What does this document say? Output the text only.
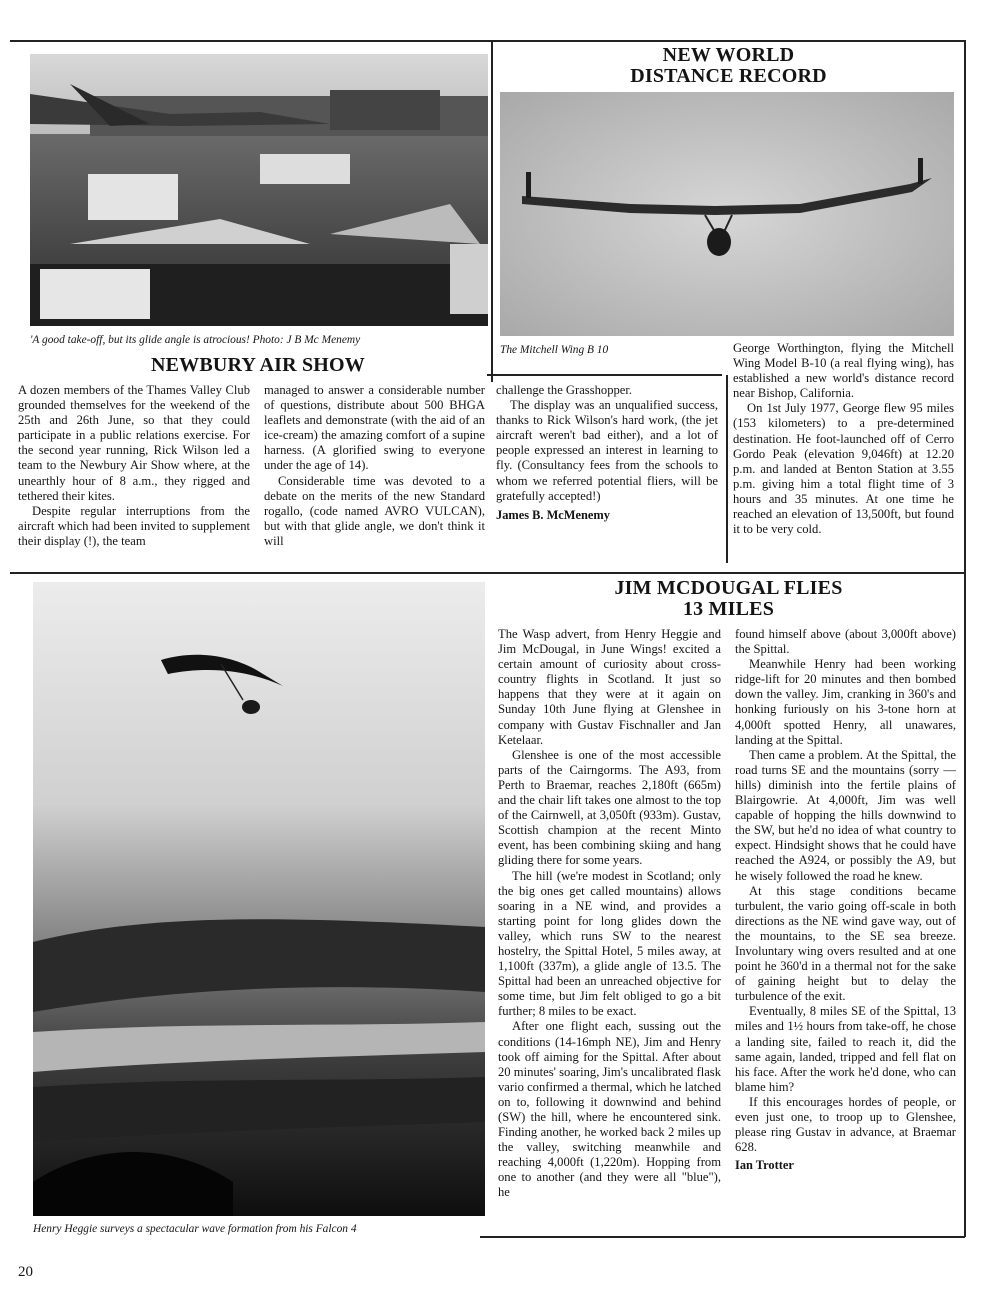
'A good take-off, but its glide angle is atrocious! Photo: J B Mc Menemy
NEWBURY AIR SHOW

A dozen members of the Thames Valley Club grounded themselves for the weekend of the 25th and 26th June, so that they could participate in a public relations exercise. For the second year running, Rick Wilson led a team to the Newbury Air Show where, at the unearthly hour of 8 a.m., they rigged and tethered their kites.

Despite regular interruptions from the aircraft which had been invited to supplement their display (!), the team

managed to answer a considerable number of questions, distribute about 500 BHGA leaflets and demonstrate (with the aid of an ice-cream) the amazing comfort of a supine harness. (A glorified swing to everyone under the age of 14).

Considerable time was devoted to a debate on the merits of the new Standard rogallo, (code named AVRO VULCAN), but with that glide angle, we don't think it will

challenge the Grasshopper.

The display was an unqualified success, thanks to Rick Wilson's hard work, (the jet aircraft weren't bad either), and a lot of people expressed an interest in learning to fly. (Consultancy fees from the schools to whom we referred potential fliers, will be gratefully accepted!)

James B. McMenemy

NEW WORLD
DISTANCE RECORD
The Mitchell Wing B 10	George Worthington, flying the Mitchell Wing Model B-10 (a real flying wing), has established a new world's distance record near Bishop, California.

On 1st July 1977, George flew 95 miles (153 kilometers) to a pre-determined destination. He foot-launched off of Cerro Gordo Peak (elevation 9,046ft) at 12.20 p.m. and landed at Benton Station at 3.55 p.m. giving him a total flight time of 3 hours and 35 minutes. At one time he reached an elevation of 13,500ft, but found it to be very cold.

Henry Heggie surveys a spectacular wave formation from his Falcon 4
JIM MCDOUGAL FLIES
13 MILES

The Wasp advert, from Henry Heggie and Jim McDougal, in June Wings! excited a certain amount of curiosity about cross-country flights in Scotland. It just so happens that they were at it again on Sunday 10th June flying at Glenshee in company with Gustav Fischnaller and Jan Ketelaar.

Glenshee is one of the most accessible parts of the Cairngorms. The A93, from Perth to Braemar, reaches 2,180ft (665m) and the chair lift takes one almost to the top of the Cairnwell, at 3,050ft (933m). Gustav, Scottish champion at the recent Minto event, has been combining skiing and hang gliding there for some years.

The hill (we're modest in Scotland; only the big ones get called mountains) allows soaring in a NE wind, and provides a starting point for long glides down the valley, which runs SW to the nearest hostelry, the Spittal Hotel, 5 miles away, at 1,100ft (337m), a glide angle of 13.5. The Spittal had been an unreached objective for some time, but Jim felt obliged to go a bit further; 8 miles to be exact.

After one flight each, sussing out the conditions (14-16mph NE), Jim and Henry took off aiming for the Spittal. After about 20 minutes' soaring, Jim's uncalibrated flask vario confirmed a thermal, which he latched on to, following it downwind and behind (SW) the hill, where he encountered sink. Finding another, he worked back 2 miles up the valley, switching meanwhile and reaching 4,000ft (1,220m). Hopping from one to another (and they were all "blue"), he

found himself above (about 3,000ft above) the Spittal.

Meanwhile Henry had been working ridge-lift for 20 minutes and then bombed down the valley. Jim, cranking in 360's and honking furiously on his 3-tone horn at 4,000ft spotted Henry, all unawares, landing at the Spittal.

Then came a problem. At the Spittal, the road turns SE and the mountains (sorry — hills) diminish into the fertile plains of Blairgowrie. At 4,000ft, Jim was well capable of hopping the hills downwind to the SW, but he'd no idea of what country to expect. Hindsight shows that he could have reached the A924, or possibly the A9, but he wisely followed the road he knew.

At this stage conditions became turbulent, the vario going off-scale in both directions as the NE wind gave way, out of the mountains, to the SE sea breeze. Involuntary wing overs resulted and at one point he 360'd in a thermal not for the sake of gaining height but to delay the turbulence of the exit.

Eventually, 8 miles SE of the Spittal, 13 miles and 1½ hours from take-off, he chose a landing site, failed to reach it, did the same again, landed, tripped and fell flat on his face. After the work he'd done, who can blame him?

If this encourages hordes of people, or even just one, to troop up to Glenshee, please ring Gustav in advance, at Braemar 628.

Ian Trotter

20
